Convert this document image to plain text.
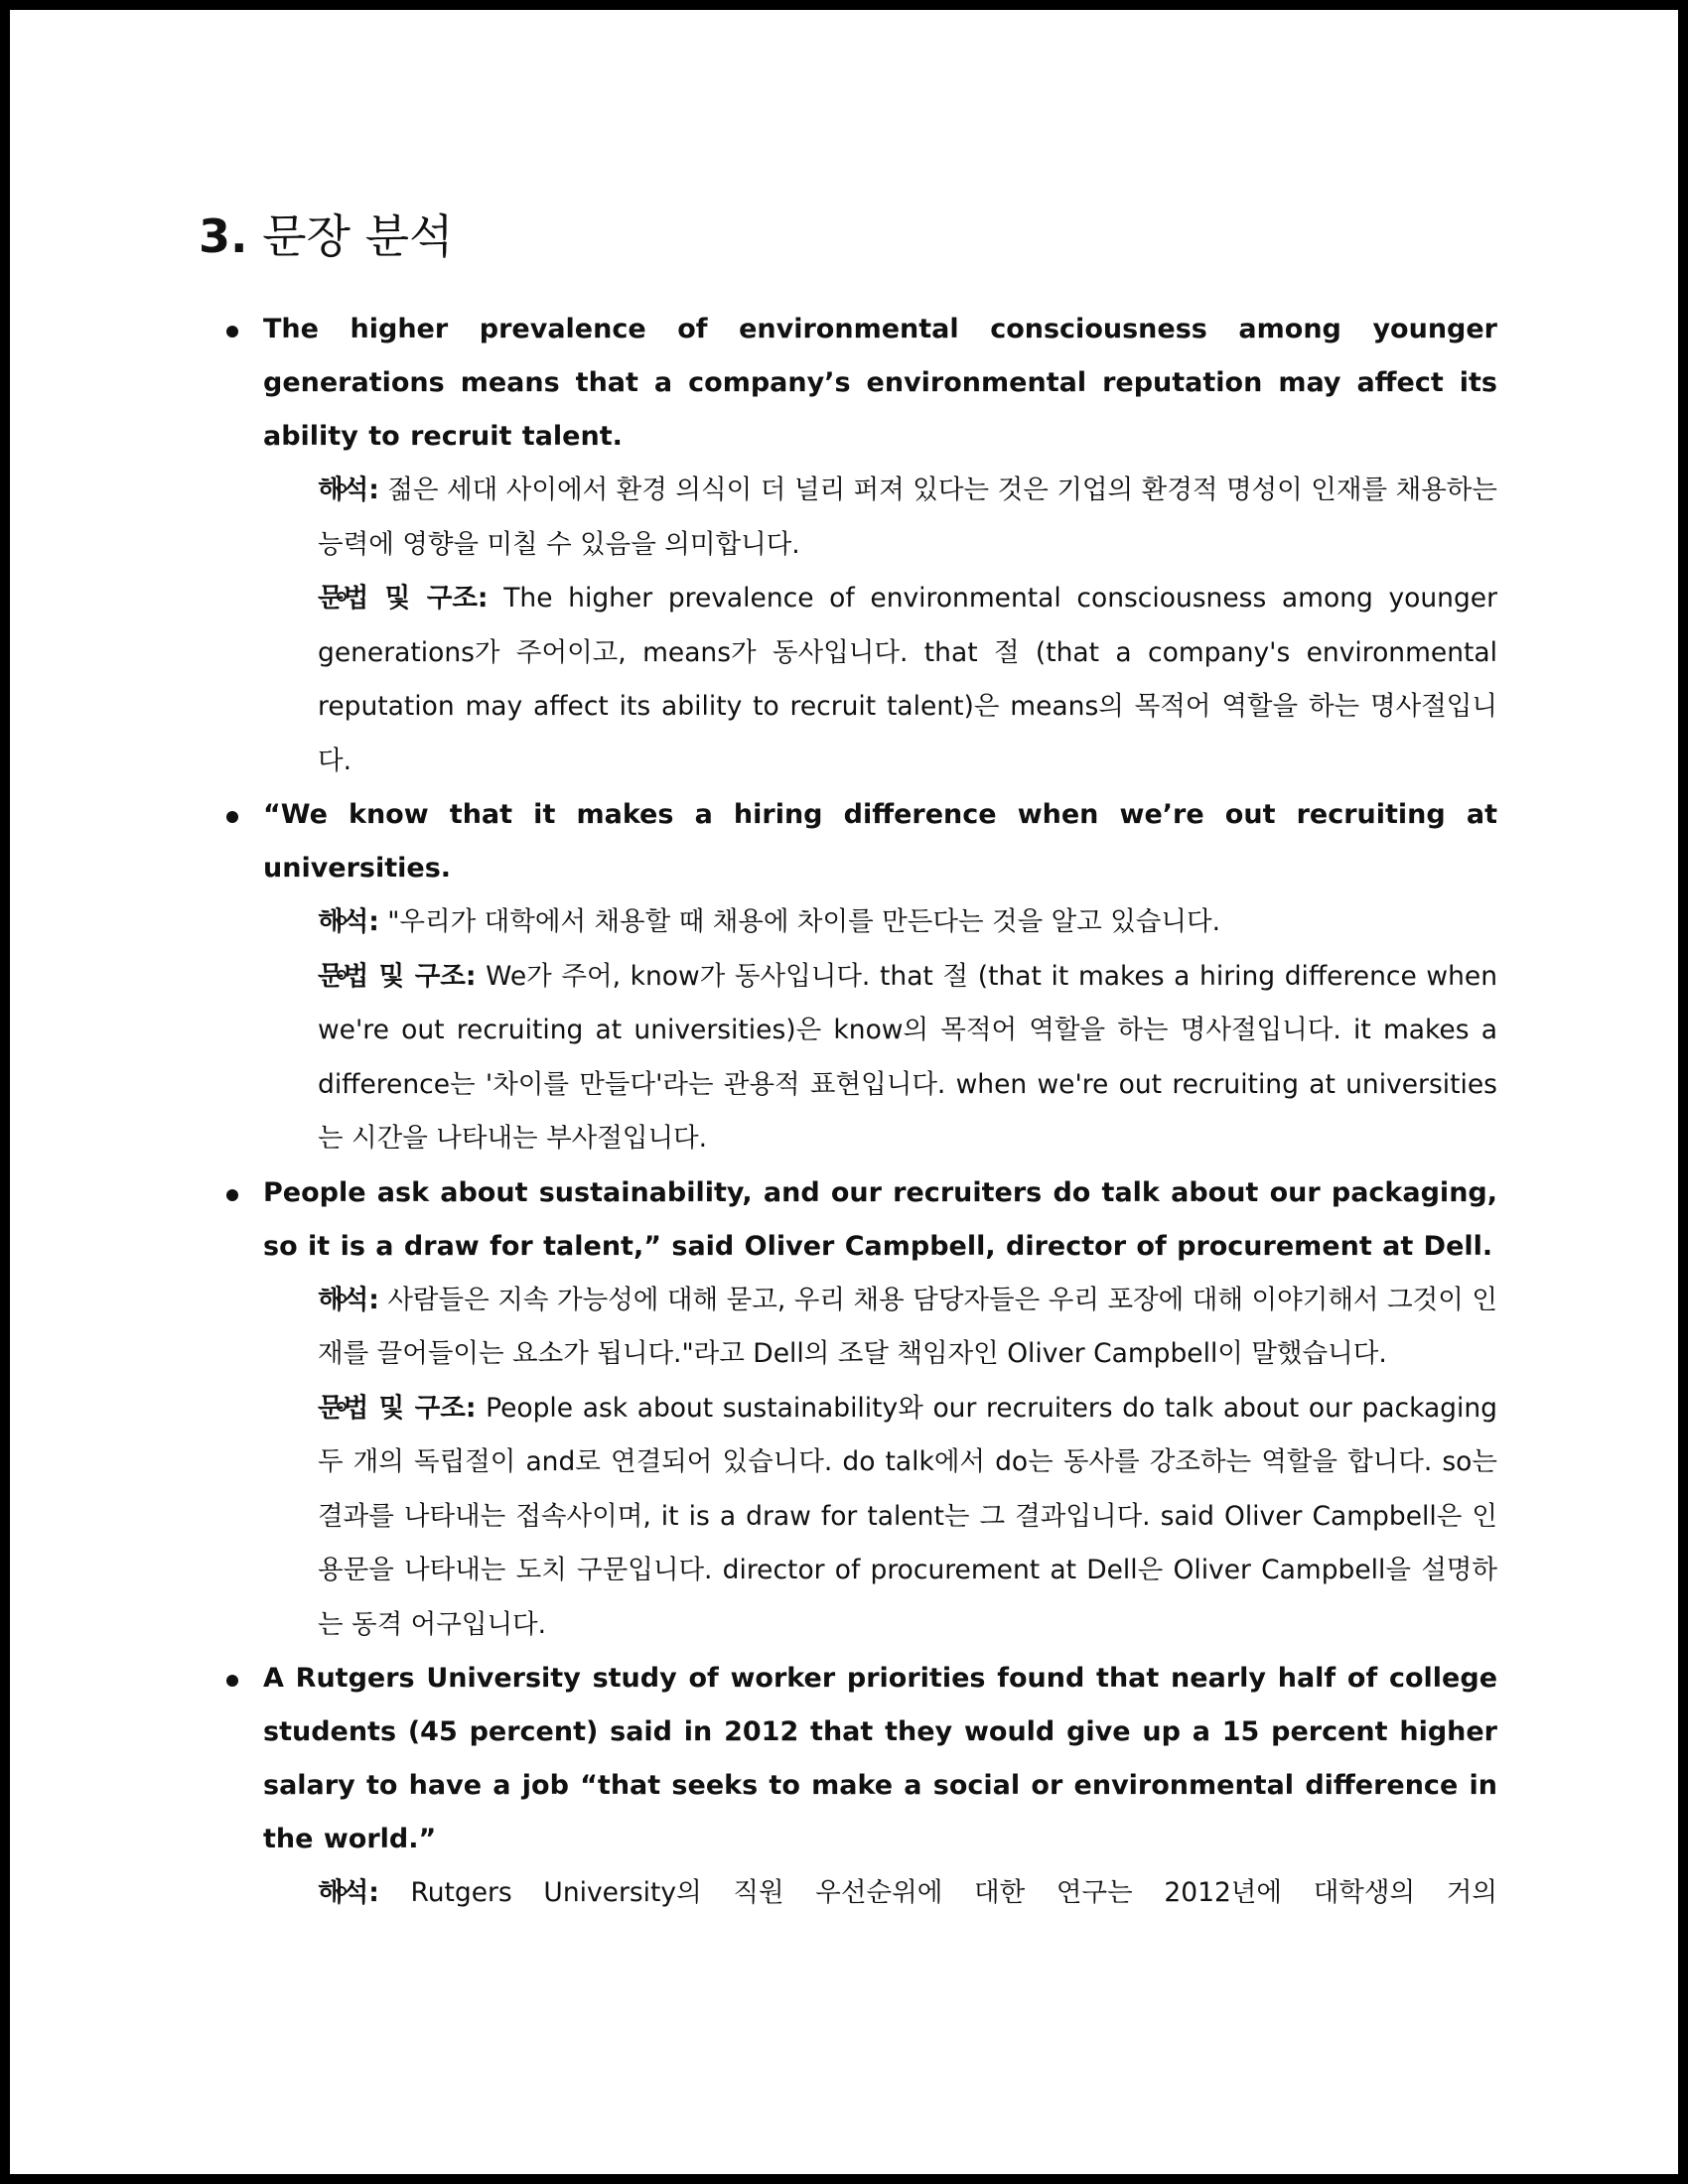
3. 문장 분석
The higher prevalence of environmental consciousness among younger generations means that a company’s environmental reputation may affect its ability to recruit talent.
해석: 젊은 세대 사이에서 환경 의식이 더 널리 퍼져 있다는 것은 기업의 환경적 명성이 인재를 채용하는 능력에 영향을 미칠 수 있음을 의미합니다.
문법 및 구조: The higher prevalence of environmental consciousness among younger generations가 주어이고, means가 동사입니다. that 절 (that a company's environmental reputation may affect its ability to recruit talent)은 means의 목적어 역할을 하는 명사절입니다.
“We know that it makes a hiring difference when we’re out recruiting at universities.
해석: "우리가 대학에서 채용할 때 채용에 차이를 만든다는 것을 알고 있습니다.
문법 및 구조: We가 주어, know가 동사입니다. that 절 (that it makes a hiring difference when we're out recruiting at universities)은 know의 목적어 역할을 하는 명사절입니다. it makes a difference는 '차이를 만들다'라는 관용적 표현입니다. when we're out recruiting at universities는 시간을 나타내는 부사절입니다.
People ask about sustainability, and our recruiters do talk about our packaging, so it is a draw for talent,” said Oliver Campbell, director of procurement at Dell.
해석: 사람들은 지속 가능성에 대해 묻고, 우리 채용 담당자들은 우리 포장에 대해 이야기해서 그것이 인재를 끌어들이는 요소가 됩니다."라고 Dell의 조달 책임자인 Oliver Campbell이 말했습니다.
문법 및 구조: People ask about sustainability와 our recruiters do talk about our packaging 두 개의 독립절이 and로 연결되어 있습니다. do talk에서 do는 동사를 강조하는 역할을 합니다. so는 결과를 나타내는 접속사이며, it is a draw for talent는 그 결과입니다. said Oliver Campbell은 인용문을 나타내는 도치 구문입니다. director of procurement at Dell은 Oliver Campbell을 설명하는 동격 어구입니다.
A Rutgers University study of worker priorities found that nearly half of college students (45 percent) said in 2012 that they would give up a 15 percent higher salary to have a job “that seeks to make a social or environmental difference in the world.”
해석: Rutgers University의 직원 우선순위에 대한 연구는 2012년에 대학생의 거의
